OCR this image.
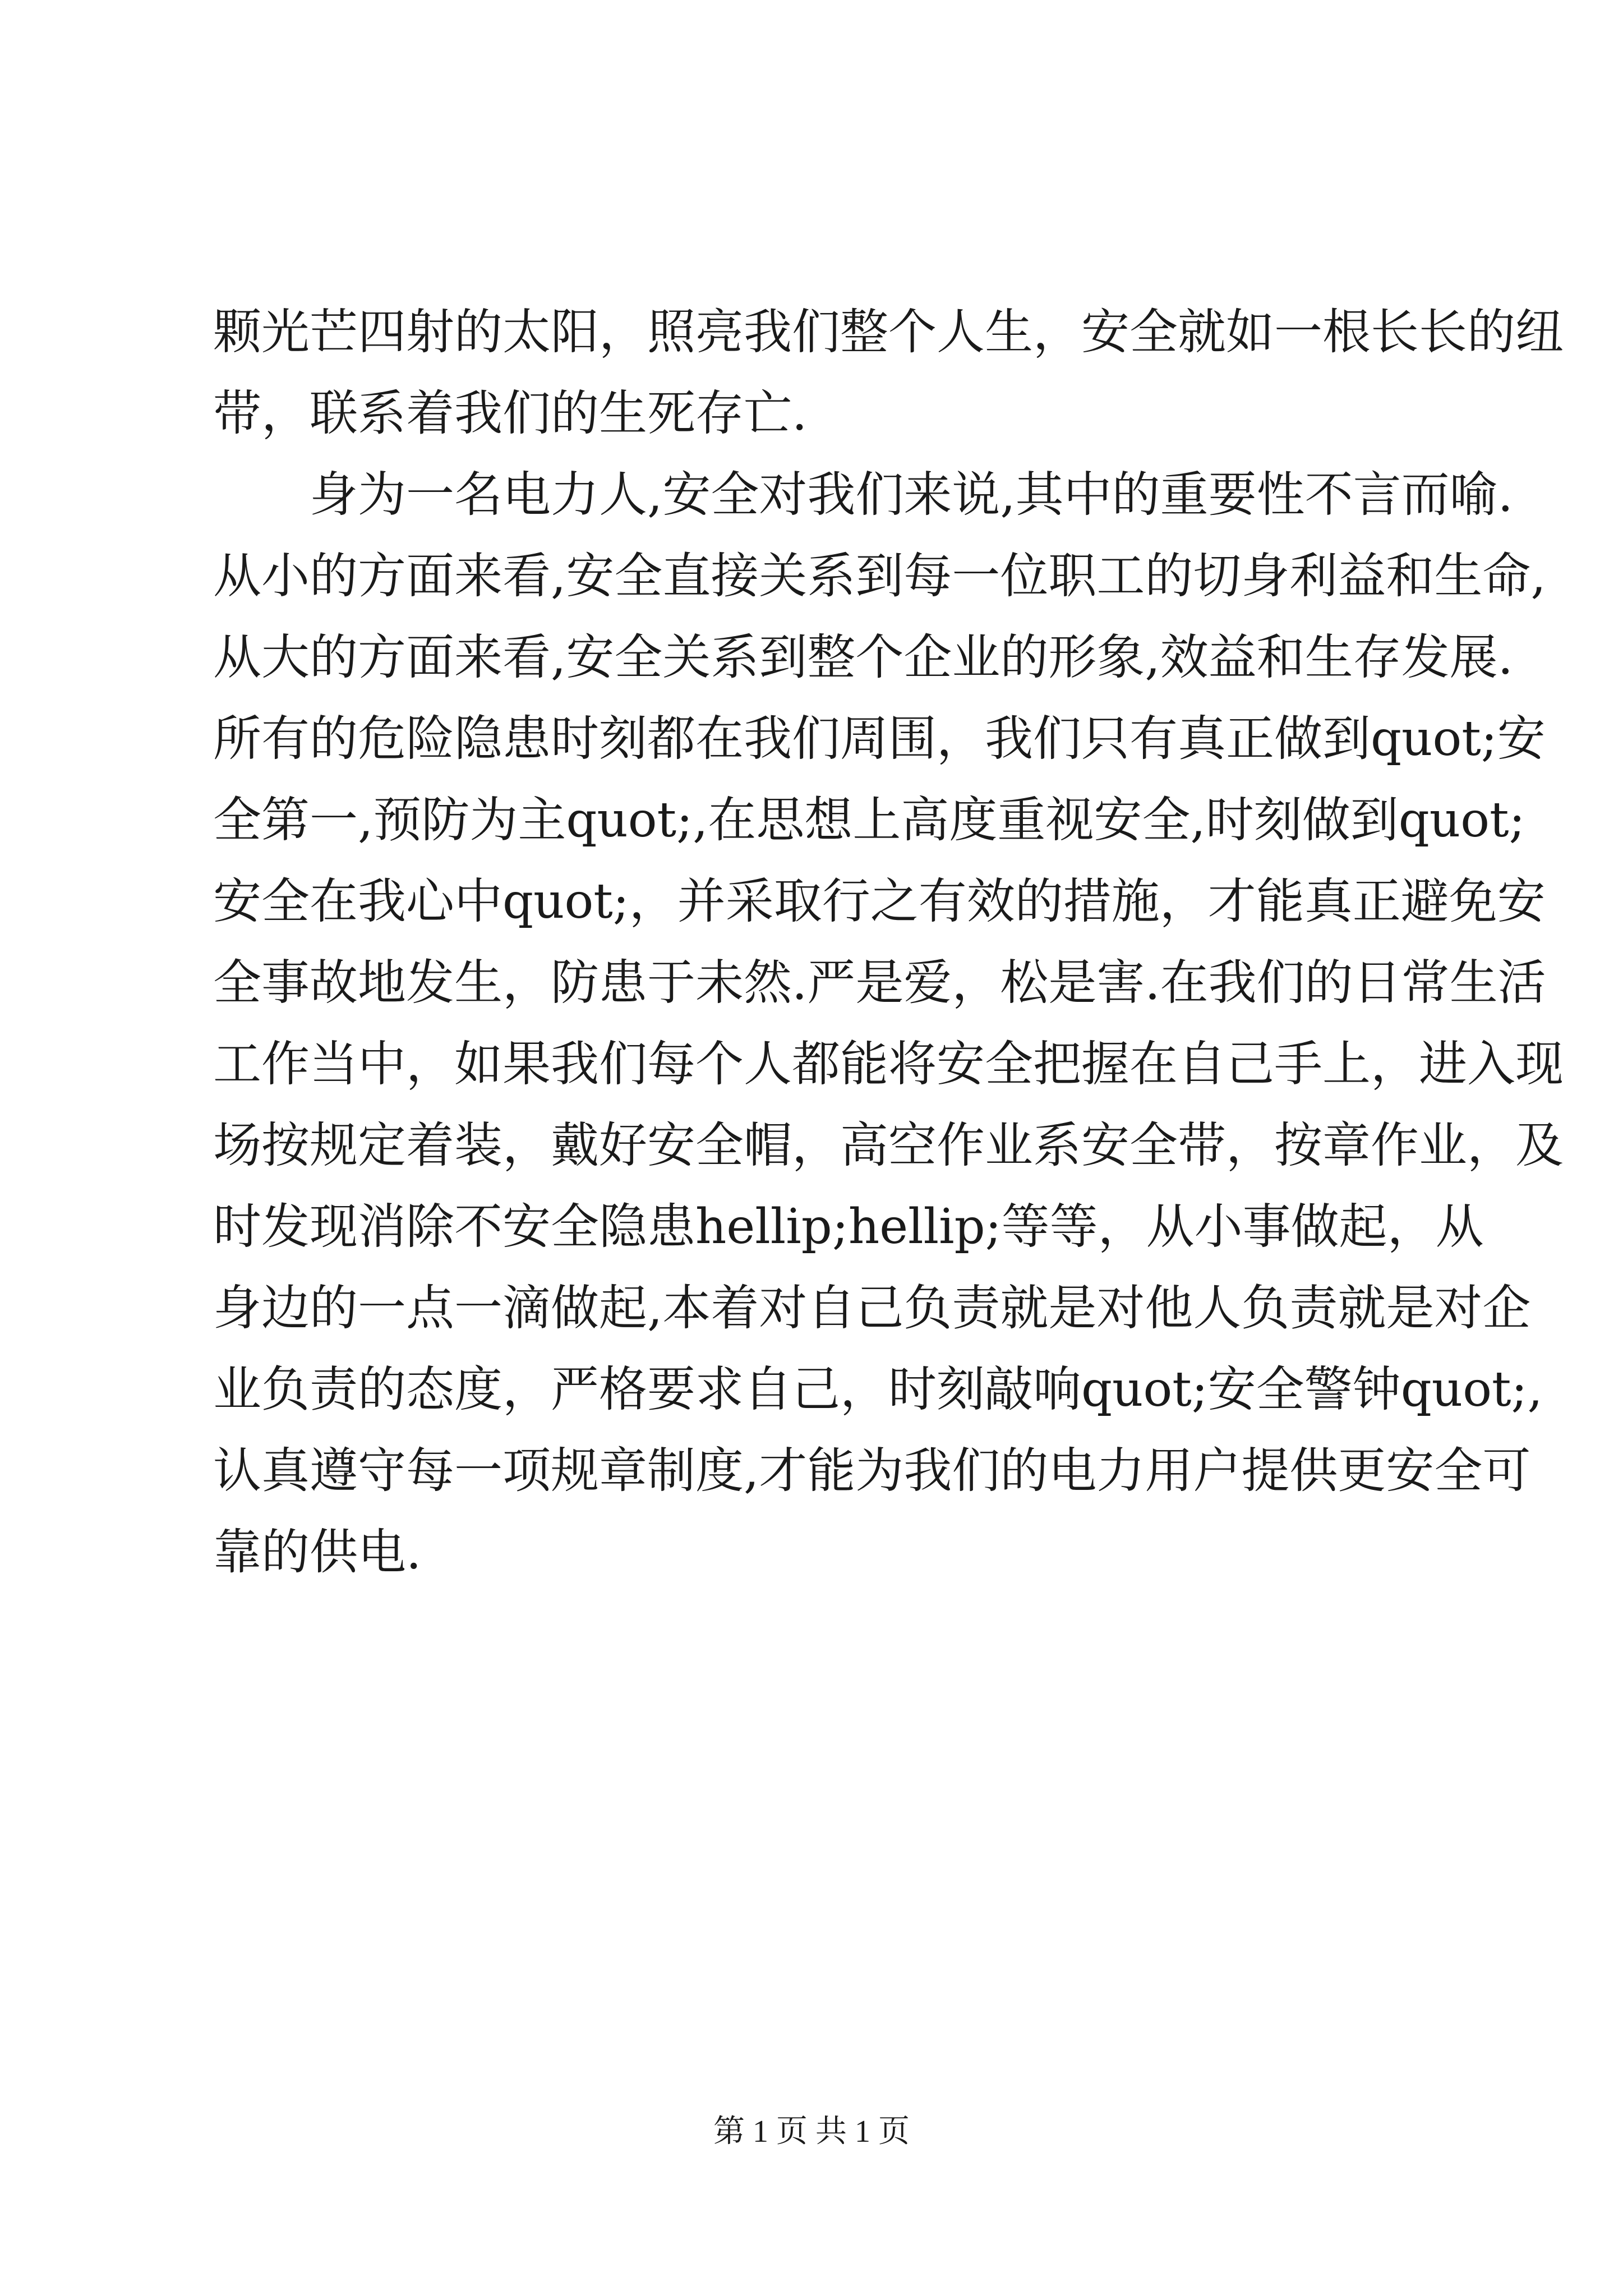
颗光芒四射的太阳，照亮我们整个人生，安全就如一根长长的纽
带，联系着我们的生死存亡.
身为一名电力人,安全对我们来说,其中的重要性不言而喻.
从小的方面来看,安全直接关系到每一位职工的切身利益和生命,
从大的方面来看,安全关系到整个企业的形象,效益和生存发展.
所有的危险隐患时刻都在我们周围，我们只有真正做到quot;安
全第一,预防为主quot;,在思想上高度重视安全,时刻做到quot;
安全在我心中quot;，并采取行之有效的措施，才能真正避免安
全事故地发生，防患于未然.严是爱，松是害.在我们的日常生活
工作当中，如果我们每个人都能将安全把握在自己手上，进入现
场按规定着装，戴好安全帽，高空作业系安全带，按章作业，及
时发现消除不安全隐患hellip;hellip;等等，从小事做起，从
身边的一点一滴做起,本着对自己负责就是对他人负责就是对企
业负责的态度，严格要求自己，时刻敲响quot;安全警钟quot;,
认真遵守每一项规章制度,才能为我们的电力用户提供更安全可
靠的供电.
第 1 页 共 1 页
